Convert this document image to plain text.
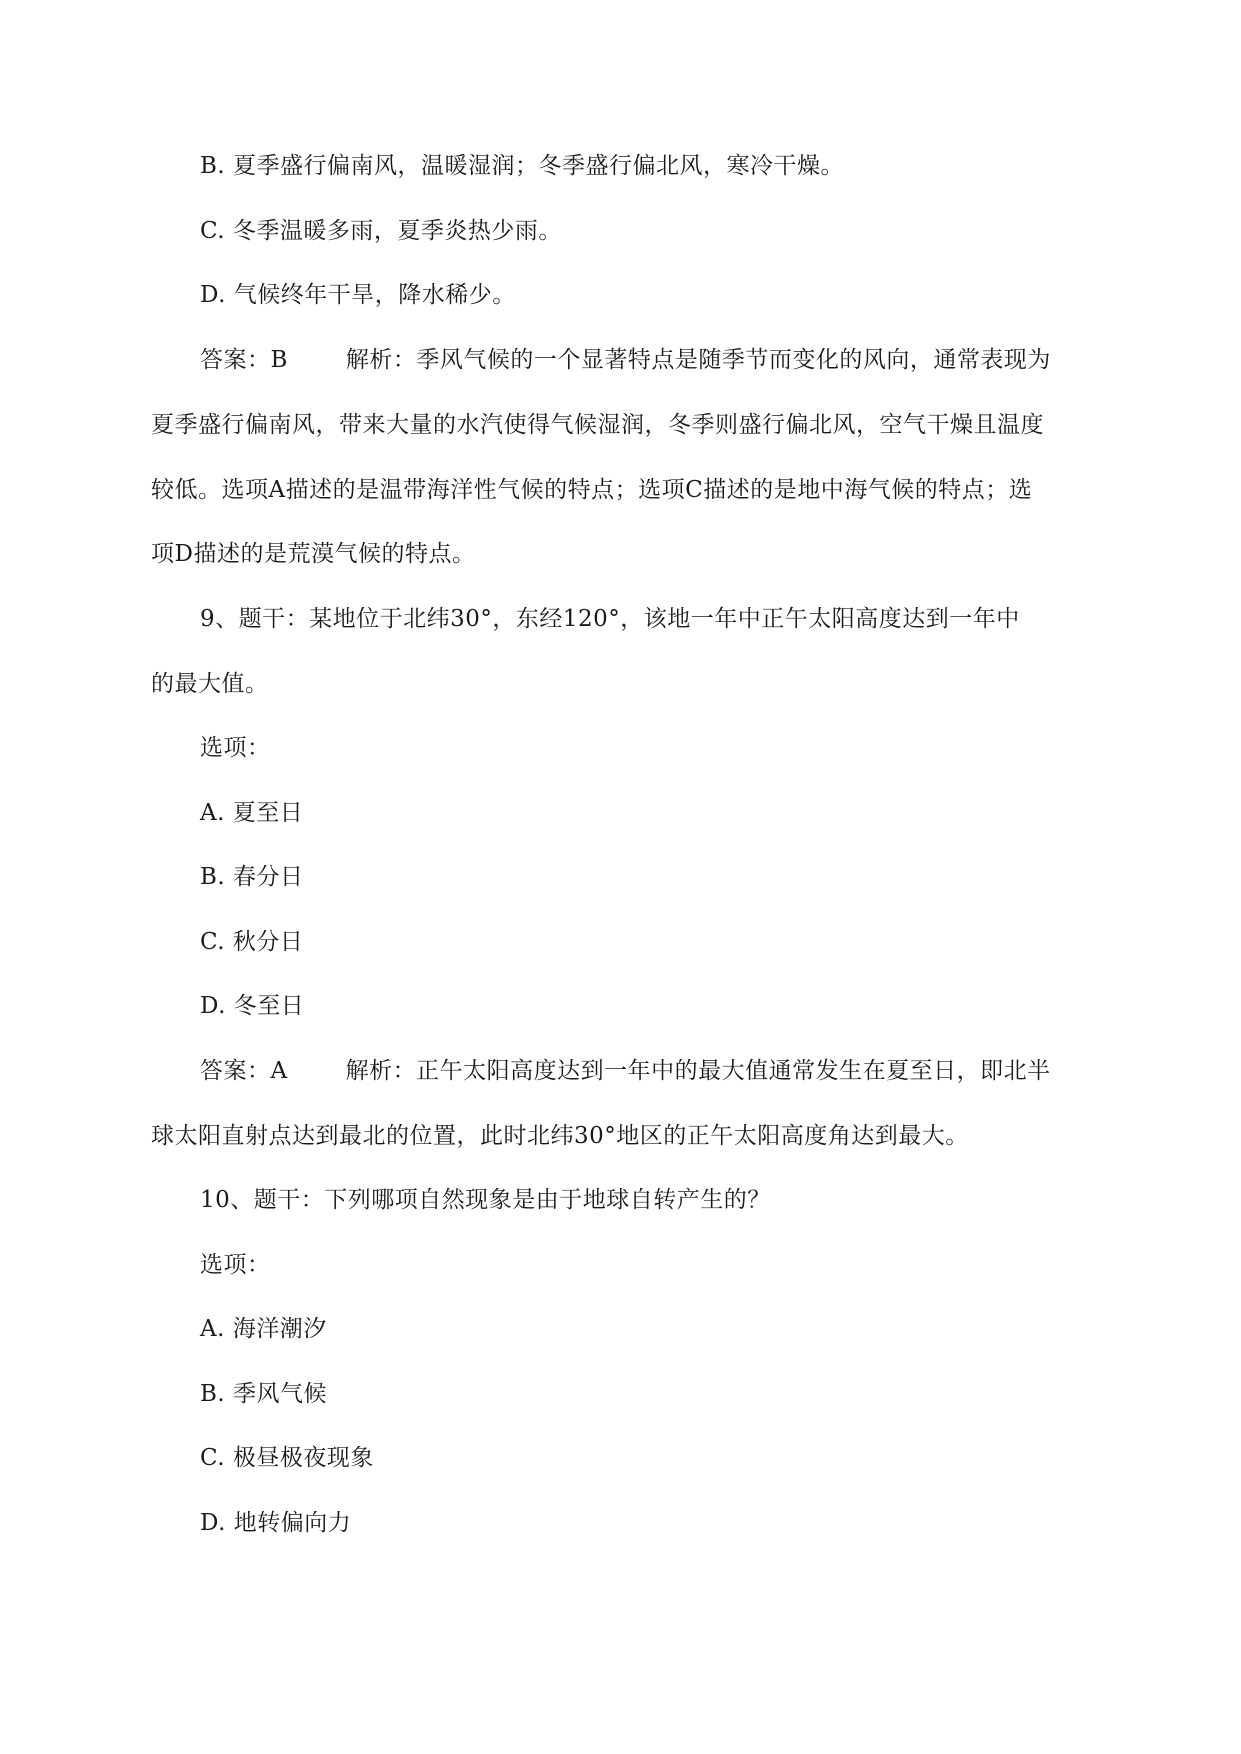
B. 夏季盛行偏南风，温暖湿润；冬季盛行偏北风，寒冷干燥。
C. 冬季温暖多雨，夏季炎热少雨。
D. 气候终年干旱，降水稀少。
答案：B	解析：季风气候的一个显著特点是随季节而变化的风向，通常表现为
夏季盛行偏南风，带来大量的水汽使得气候湿润，冬季则盛行偏北风，空气干燥且温度
较低。选项A描述的是温带海洋性气候的特点；选项C描述的是地中海气候的特点；选
项D描述的是荒漠气候的特点。
9、题干：某地位于北纬30°，东经120°，该地一年中正午太阳高度达到一年中
的最大值。
选项：
A. 夏至日
B. 春分日
C. 秋分日
D. 冬至日
答案：A	解析：正午太阳高度达到一年中的最大值通常发生在夏至日，即北半
球太阳直射点达到最北的位置，此时北纬30°地区的正午太阳高度角达到最大。
10、题干：下列哪项自然现象是由于地球自转产生的？
选项：
A. 海洋潮汐
B. 季风气候
C. 极昼极夜现象
D. 地转偏向力
